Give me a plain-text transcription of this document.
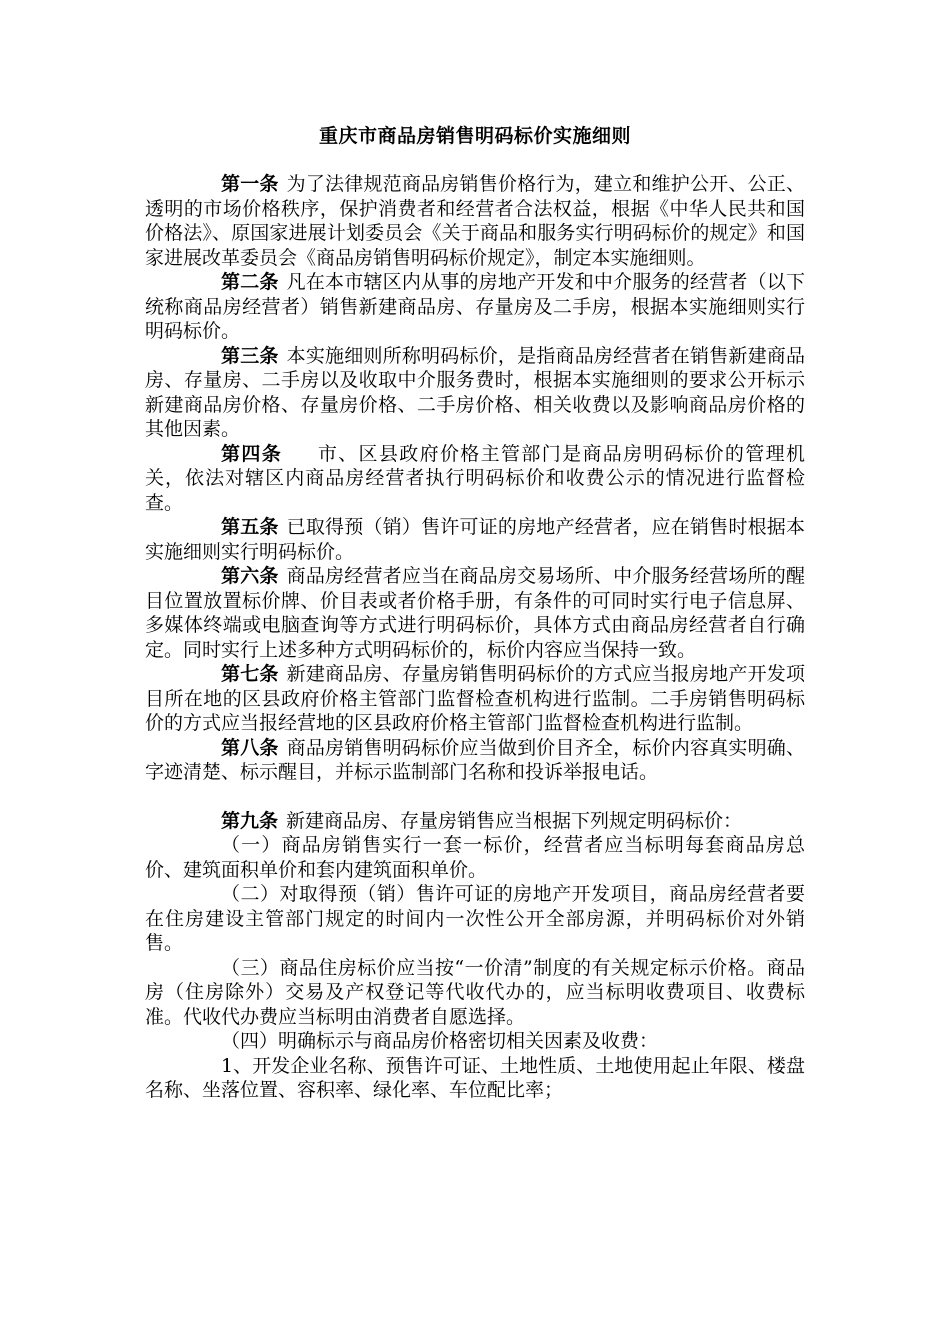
重庆市商品房销售明码标价实施细则

第一条 为了法律规范商品房销售价格行为，建立和维护公开、公正、透明的市场价格秩序，保护消费者和经营者合法权益，根据《中华人民共和国价格法》、原国家进展计划委员会《关于商品和服务实行明码标价的规定》和国家进展改革委员会《商品房销售明码标价规定》，制定本实施细则。

第二条 凡在本市辖区内从事的房地产开发和中介服务的经营者（以下统称商品房经营者）销售新建商品房、存量房及二手房，根据本实施细则实行明码标价。

第三条 本实施细则所称明码标价，是指商品房经营者在销售新建商品房、存量房、二手房以及收取中介服务费时，根据本实施细则的要求公开标示新建商品房价格、存量房价格、二手房价格、相关收费以及影响商品房价格的其他因素。

第四条　 市、区县政府价格主管部门是商品房明码标价的管理机关，依法对辖区内商品房经营者执行明码标价和收费公示的情况进行监督检查。

第五条 已取得预（销）售许可证的房地产经营者，应在销售时根据本实施细则实行明码标价。

第六条 商品房经营者应当在商品房交易场所、中介服务经营场所的醒目位置放置标价牌、价目表或者价格手册，有条件的可同时实行电子信息屏、多媒体终端或电脑查询等方式进行明码标价，具体方式由商品房经营者自行确定。同时实行上述多种方式明码标价的，标价内容应当保持一致。

第七条 新建商品房、存量房销售明码标价的方式应当报房地产开发项目所在地的区县政府价格主管部门监督检查机构进行监制。二手房销售明码标价的方式应当报经营地的区县政府价格主管部门监督检查机构进行监制。

第八条 商品房销售明码标价应当做到价目齐全，标价内容真实明确、字迹清楚、标示醒目，并标示监制部门名称和投诉举报电话。

第九条 新建商品房、存量房销售应当根据下列规定明码标价：

（一）商品房销售实行一套一标价，经营者应当标明每套商品房总价、建筑面积单价和套内建筑面积单价。

（二）对取得预（销）售许可证的房地产开发项目，商品房经营者要在住房建设主管部门规定的时间内一次性公开全部房源，并明码标价对外销售。

（三）商品住房标价应当按“一价清”制度的有关规定标示价格。商品房（住房除外）交易及产权登记等代收代办的，应当标明收费项目、收费标准。代收代办费应当标明由消费者自愿选择。

（四）明确标示与商品房价格密切相关因素及收费：

1、开发企业名称、预售许可证、土地性质、土地使用起止年限、楼盘名称、坐落位置、容积率、绿化率、车位配比率；
